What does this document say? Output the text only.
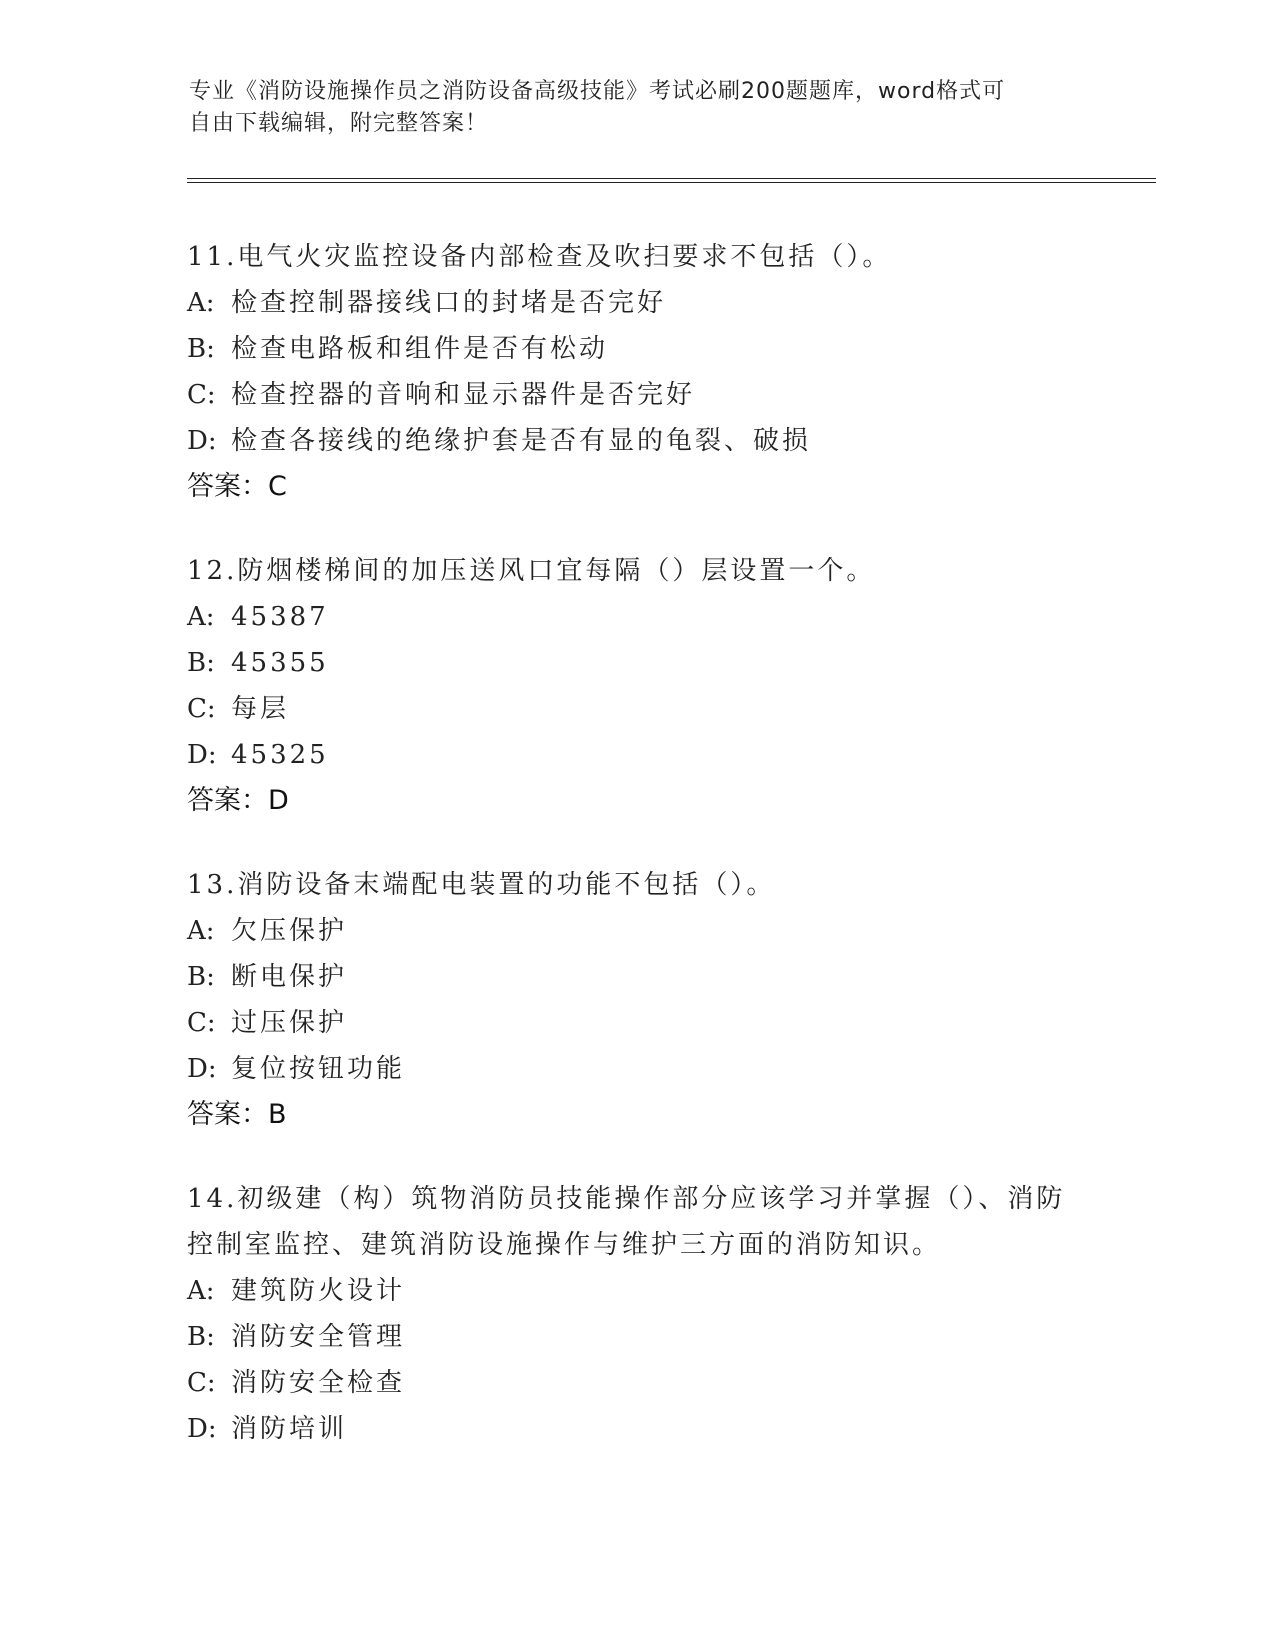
专业《消防设施操作员之消防设备高级技能》考试必刷200题题库，word格式可
自由下载编辑，附完整答案！
11.电气火灾监控设备内部检查及吹扫要求不包括（）。
A: 检查控制器接线口的封堵是否完好
B: 检查电路板和组件是否有松动
C: 检查控器的音响和显示器件是否完好
D: 检查各接线的绝缘护套是否有显的龟裂、破损
答案：C
12.防烟楼梯间的加压送风口宜每隔（）层设置一个。
A: 45387
B: 45355
C: 每层
D: 45325
答案：D
13.消防设备末端配电装置的功能不包括（）。
A: 欠压保护
B: 断电保护
C: 过压保护
D: 复位按钮功能
答案：B
14.初级建（构）筑物消防员技能操作部分应该学习并掌握（）、消防
控制室监控、建筑消防设施操作与维护三方面的消防知识。
A: 建筑防火设计
B: 消防安全管理
C: 消防安全检查
D: 消防培训
